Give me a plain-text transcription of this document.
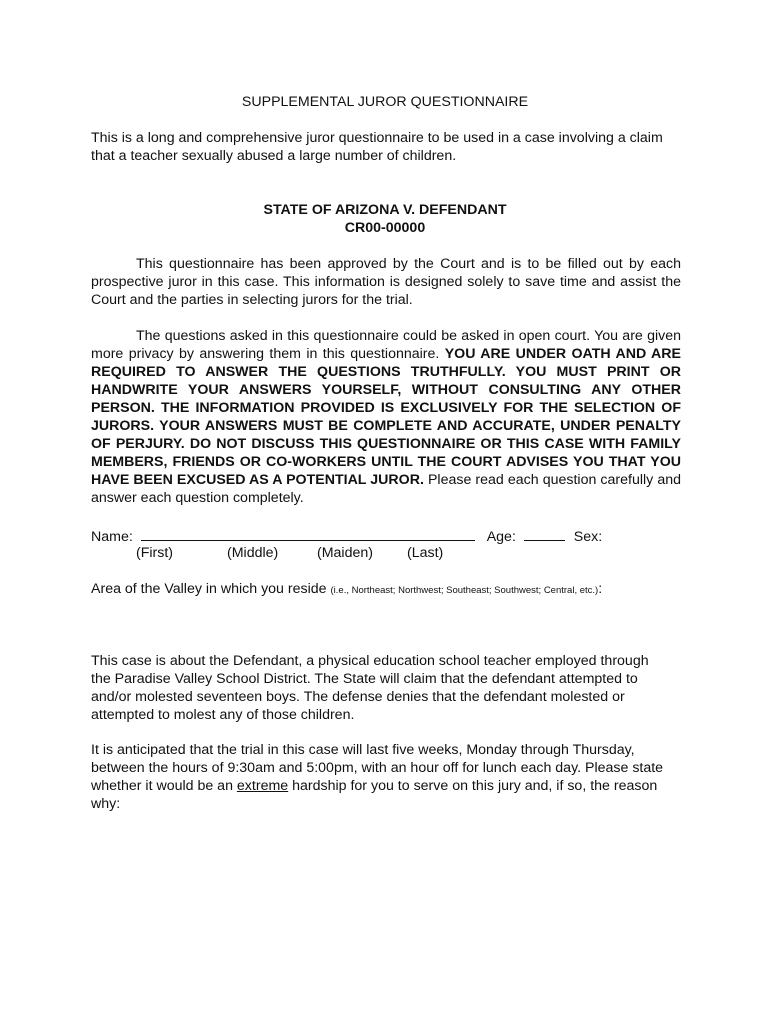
SUPPLEMENTAL JUROR QUESTIONNAIRE
This is a long and comprehensive juror questionnaire to be used in a case involving a claim that a teacher sexually abused a large number of children.
STATE OF ARIZONA V. DEFENDANT
CR00-00000
This questionnaire has been approved by the Court and is to be filled out by each prospective juror in this case. This information is designed solely to save time and assist the Court and the parties in selecting jurors for the trial.
The questions asked in this questionnaire could be asked in open court. You are given more privacy by answering them in this questionnaire. YOU ARE UNDER OATH AND ARE REQUIRED TO ANSWER THE QUESTIONS TRUTHFULLY. YOU MUST PRINT OR HANDWRITE YOUR ANSWERS YOURSELF, WITHOUT CONSULTING ANY OTHER PERSON. THE INFORMATION PROVIDED IS EXCLUSIVELY FOR THE SELECTION OF JURORS. YOUR ANSWERS MUST BE COMPLETE AND ACCURATE, UNDER PENALTY OF PERJURY. DO NOT DISCUSS THIS QUESTIONNAIRE OR THIS CASE WITH FAMILY MEMBERS, FRIENDS OR CO-WORKERS UNTIL THE COURT ADVISES YOU THAT YOU HAVE BEEN EXCUSED AS A POTENTIAL JUROR. Please read each question carefully and answer each question completely.
Name:	Age:	Sex:
(First)	(Middle)	(Maiden) (Last)
Area of the Valley in which you reside (i.e., Northeast; Northwest; Southeast; Southwest; Central, etc.):
This case is about the Defendant, a physical education school teacher employed through the Paradise Valley School District. The State will claim that the defendant attempted to and/or molested seventeen boys. The defense denies that the defendant molested or attempted to molest any of those children.
It is anticipated that the trial in this case will last five weeks, Monday through Thursday, between the hours of 9:30am and 5:00pm, with an hour off for lunch each day. Please state whether it would be an extreme hardship for you to serve on this jury and, if so, the reason why:
